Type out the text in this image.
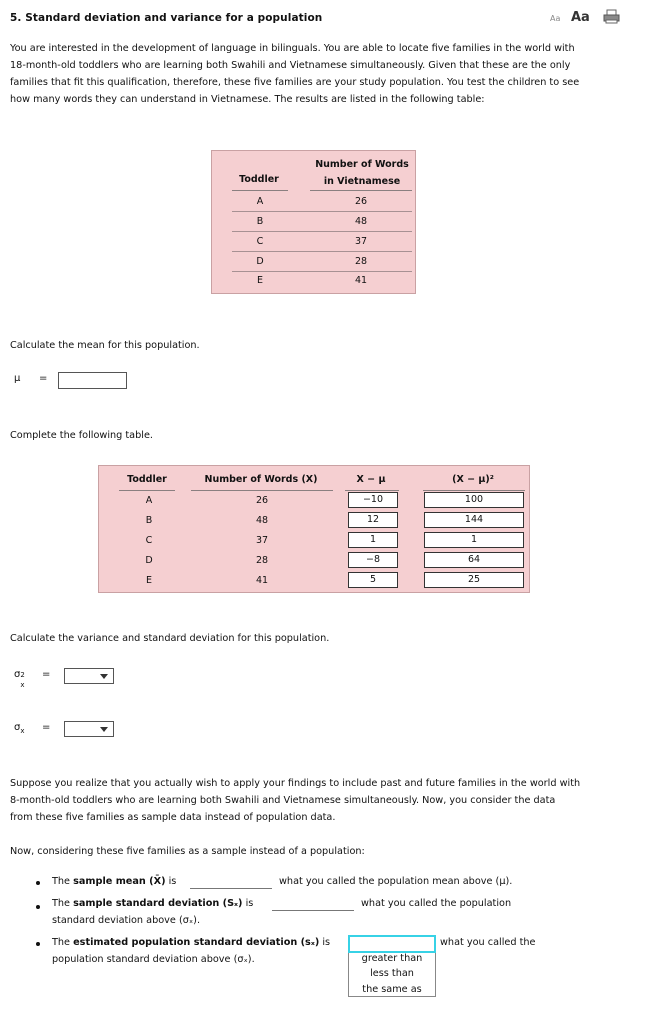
5. Standard deviation and variance for a population	Aa Aa
You are interested in the development of language in bilinguals. You are able to locate five families in the world with
18-month-old toddlers who are learning both Swahili and Vietnamese simultaneously. Given that these are the only
families that fit this qualification, therefore, these five families are your study population. You test the children to see
how many words they can understand in Vietnamese. The results are listed in the following table:
Toddler
Number of Words
in Vietnamese
A	26
B	48
C	37
D	28
E	41
Calculate the mean for this population.
μ =
Complete the following table.
Toddler	Number of Words (X)	X − μ	(X − μ)²
A	26	−10	100
B	48	12	144
C	37	1	1
D	28	−8	64
E	41	5	25
Calculate the variance and standard deviation for this population.
σ 2
x
=
$\sigma_x$ =
Suppose you realize that you actually wish to apply your findings to include past and future families in the world with
8-month-old toddlers who are learning both Swahili and Vietnamese simultaneously. Now, you consider the data
from these five families as sample data instead of population data.
Now, considering these five families as a sample instead of a population:
The sample mean (X̄) is	what you called the population mean above (μ).
The sample standard deviation (Sₓ) is	what you called the population
standard deviation above (σₓ).
The estimated population standard deviation (sₓ) is
greater than
less than
the same as
what you called the
population standard deviation above (σₓ).
